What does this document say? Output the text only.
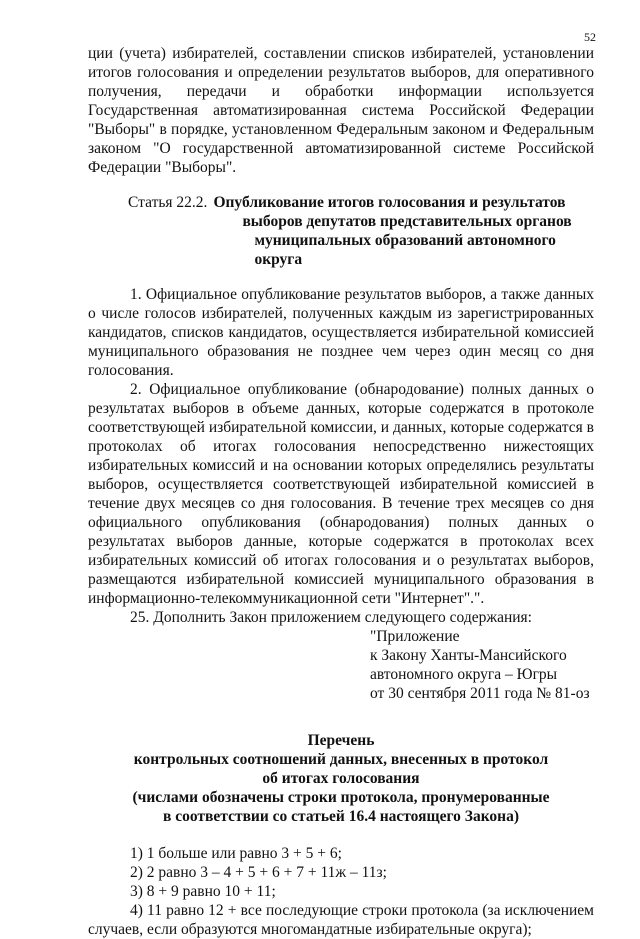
52

ции (учета) избирателей, составлении списков избирателей, установлении итогов голосования и определении результатов выборов, для оперативного получения, передачи и обработки информации используется Государственная автоматизированная система Российской Федерации "Выборы" в порядке, установленном Федеральным законом и Федеральным законом "О государственной автоматизированной системе Российской Федерации "Выборы".

Статья 22.2. Опубликование итогов голосования и результатов
выборов депутатов представительных органов
муниципальных образований автономного округа

1. Официальное опубликование результатов выборов, а также данных о числе голосов избирателей, полученных каждым из зарегистрированных кандидатов, списков кандидатов, осуществляется избирательной комиссией муниципального образования не позднее чем через один месяц со дня голосования.

2. Официальное опубликование (обнародование) полных данных о результатах выборов в объеме данных, которые содержатся в протоколе соответствующей избирательной комиссии, и данных, которые содержатся в протоколах об итогах голосования непосредственно нижестоящих избирательных комиссий и на основании которых определялись результаты выборов, осуществляется соответствующей избирательной комиссией в течение двух месяцев со дня голосования. В течение трех месяцев со дня официального опубликования (обнародования) полных данных о результатах выборов данные, которые содержатся в протоколах всех избирательных комиссий об итогах голосования и о результатах выборов, размещаются избирательной комиссией муниципального образования в информационно-телекоммуникационной сети "Интернет".".

25. Дополнить Закон приложением следующего содержания:

"Приложение
к Закону Ханты-Мансийского
автономного округа – Югры
от 30 сентября 2011 года № 81-оз
Перечень
контрольных соотношений данных, внесенных в протокол
об итогах голосования
(числами обозначены строки протокола, пронумерованные
в соответствии со статьей 16.4 настоящего Закона)

1) 1 больше или равно 3 + 5 + 6;

2) 2 равно 3 – 4 + 5 + 6 + 7 + 11ж – 11з;

3) 8 + 9 равно 10 + 11;

4) 11 равно 12 + все последующие строки протокола (за исключением случаев, если образуются многомандатные избирательные округа);
